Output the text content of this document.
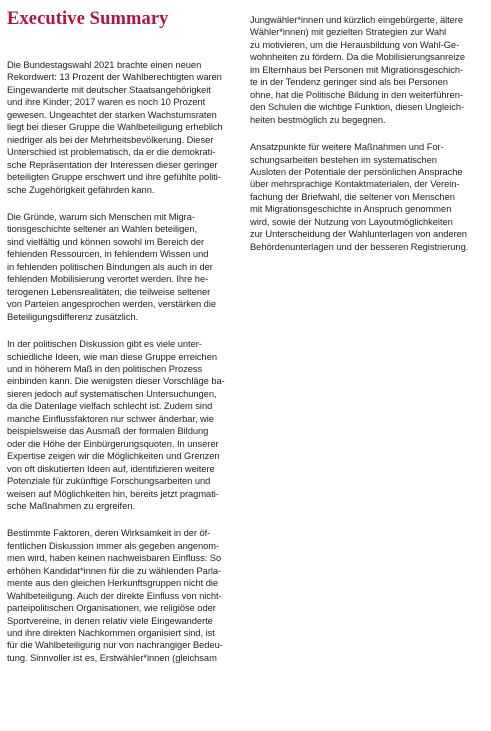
Executive Summary

Die Bundestagswahl 2021 brachte einen neuen
Rekordwert: 13 Prozent der Wahlberechtigten waren
Eingewanderte mit deutscher Staatsangehörigkeit
und ihre Kinder; 2017 waren es noch 10 Prozent
gewesen. Ungeachtet der starken Wachstumsraten
liegt bei dieser Gruppe die Wahlbeteiligung erheblich
niedriger als bei der Mehrheitsbevölkerung. Dieser
Unterschied ist problematisch, da er die demokrati-
sche Repräsentation der Interessen dieser geringer
beteiligten Gruppe erschwert und ihre gefühlte politi-
sche Zugehörigkeit gefährden kann.

Die Gründe, warum sich Menschen mit Migra-
tionsgeschichte seltener an Wahlen beteiligen,
sind vielfältig und können sowohl im Bereich der
fehlenden Ressourcen, in fehlendem Wissen und
in fehlenden politischen Bindungen als auch in der
fehlenden Mobilisierung verortet werden. Ihre he-
terogenen Lebensrealitäten, die teilweise seltener
von Parteien angesprochen werden, verstärken die
Beteiligungsdifferenz zusätzlich.

In der politischen Diskussion gibt es viele unter-
schiedliche Ideen, wie man diese Gruppe erreichen
und in höherem Maß in den politischen Prozess
einbinden kann. Die wenigsten dieser Vorschläge ba-
sieren jedoch auf systematischen Untersuchungen,
da die Datenlage vielfach schlecht ist. Zudem sind
manche Einflussfaktoren nur schwer änderbar, wie
beispielsweise das Ausmaß der formalen Bildung
oder die Höhe der Einbürgerungsquoten. In unserer
Expertise zeigen wir die Möglichkeiten und Grenzen
von oft diskutierten Ideen auf, identifizieren weitere
Potenziale für zukünftige Forschungsarbeiten und
weisen auf Möglichkeiten hin, bereits jetzt pragmati-
sche Maßnahmen zu ergreifen.

Bestimmte Faktoren, deren Wirksamkeit in der öf-
fentlichen Diskussion immer als gegeben angenom-
men wird, haben keinen nachweisbaren Einfluss: So
erhöhen Kandidat*innen für die zu wählenden Parla-
mente aus den gleichen Herkunftsgruppen nicht die
Wahlbeteiligung. Auch der direkte Einfluss von nicht-
parteipolitischen Organisationen, wie religiöse oder
Sportvereine, in denen relativ viele Eingewanderte
und ihre direkten Nachkommen organisiert sind, ist
für die Wahlbeteiligung nur von nachrangiger Bedeu-
tung. Sinnvoller ist es, Erstwähler*innen (gleichsam

Jungwähler*innen und kürzlich eingebürgerte, ältere
Wähler*innen) mit gezielten Strategien zur Wahl
zu motivieren, um die Herausbildung von Wahl-Ge-
wohnheiten zu fördern. Da die Mobilisierungsanreize
im Elternhaus bei Personen mit Migrationsgeschich-
te in der Tendenz geringer sind als bei Personen
ohne, hat die Politische Bildung in den weiterführen-
den Schulen die wichtige Funktion, diesen Ungleich-
heiten bestmöglich zu begegnen.

Ansatzpunkte für weitere Maßnahmen und For-
schungsarbeiten bestehen im systematischen
Ausloten der Potentiale der persönlichen Ansprache
über mehrsprachige Kontaktmaterialen, der Verein-
fachung der Briefwahl, die seltener von Menschen
mit Migrationsgeschichte in Anspruch genommen
wird, sowie der Nutzung von Layoutmöglichkeiten
zur Unterscheidung der Wahlunterlagen von anderen
Behördenunterlagen und der besseren Registrierung.
